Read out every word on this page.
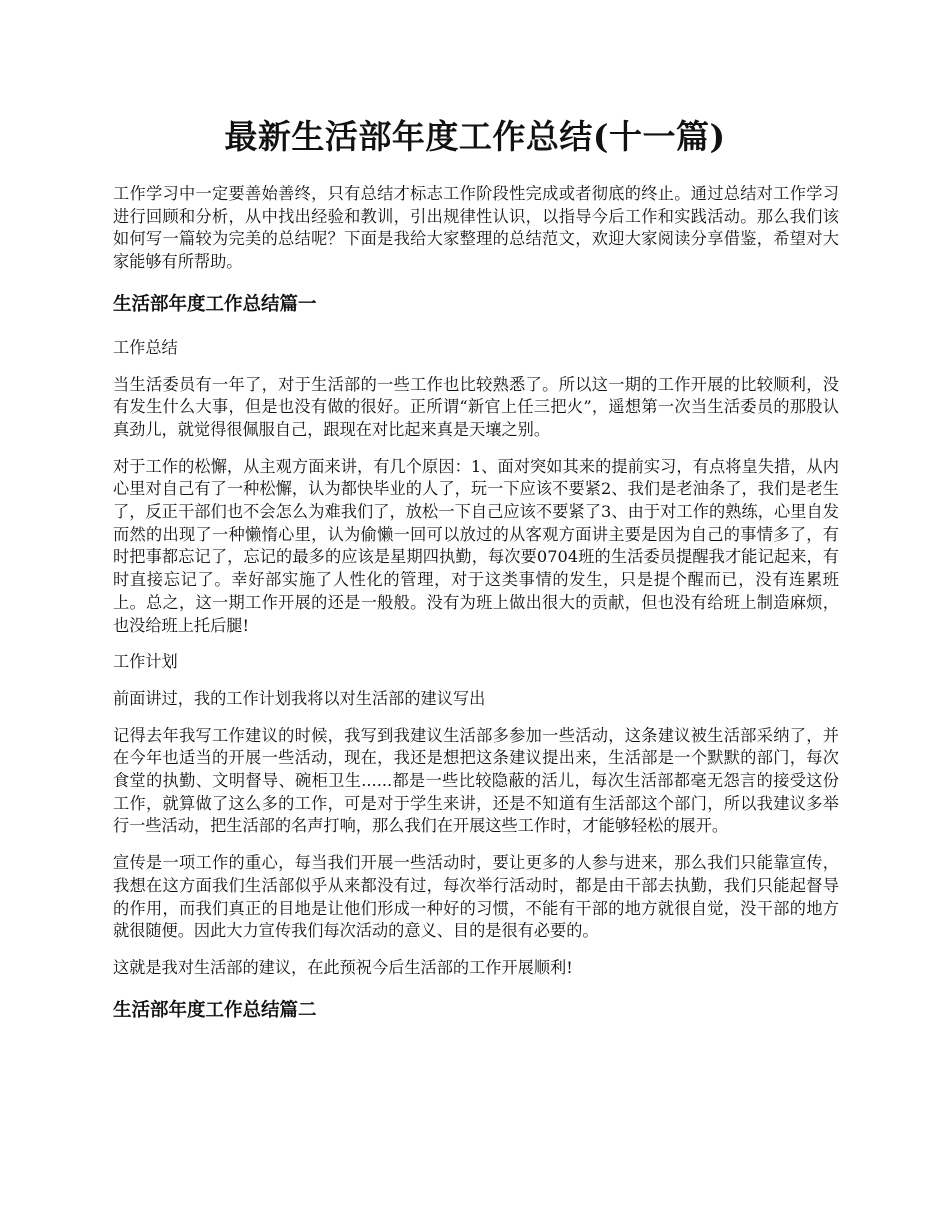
最新生活部年度工作总结(十一篇)

工作学习中一定要善始善终，只有总结才标志工作阶段性完成或者彻底的终止。通过总结对工作学习进行回顾和分析，从中找出经验和教训，引出规律性认识，以指导今后工作和实践活动。那么我们该如何写一篇较为完美的总结呢？下面是我给大家整理的总结范文，欢迎大家阅读分享借鉴，希望对大家能够有所帮助。

生活部年度工作总结篇一

工作总结

当生活委员有一年了，对于生活部的一些工作也比较熟悉了。所以这一期的工作开展的比较顺利，没有发生什么大事，但是也没有做的很好。正所谓“新官上任三把火”，遥想第一次当生活委员的那股认真劲儿，就觉得很佩服自己，跟现在对比起来真是天壤之别。

对于工作的松懈，从主观方面来讲，有几个原因：1、面对突如其来的提前实习，有点将皇失措，从内心里对自己有了一种松懈，认为都快毕业的人了，玩一下应该不要紧2、我们是老油条了，我们是老生了，反正干部们也不会怎么为难我们了，放松一下自己应该不要紧了3、由于对工作的熟练，心里自发而然的出现了一种懒惰心里，认为偷懒一回可以放过的从客观方面讲主要是因为自己的事情多了，有时把事都忘记了，忘记的最多的应该是星期四执勤，每次要0704班的生活委员提醒我才能记起来，有时直接忘记了。幸好部实施了人性化的管理，对于这类事情的发生，只是提个醒而已，没有连累班上。总之，这一期工作开展的还是一般般。没有为班上做出很大的贡献，但也没有给班上制造麻烦，也没给班上托后腿!

工作计划

前面讲过，我的工作计划我将以对生活部的建议写出

记得去年我写工作建议的时候，我写到我建议生活部多参加一些活动，这条建议被生活部采纳了，并在今年也适当的开展一些活动，现在，我还是想把这条建议提出来，生活部是一个默默的部门，每次食堂的执勤、文明督导、碗柜卫生......都是一些比较隐蔽的活儿，每次生活部都毫无怨言的接受这份工作，就算做了这么多的工作，可是对于学生来讲，还是不知道有生活部这个部门，所以我建议多举行一些活动，把生活部的名声打响，那么我们在开展这些工作时，才能够轻松的展开。

宣传是一项工作的重心，每当我们开展一些活动时，要让更多的人参与进来，那么我们只能靠宣传，我想在这方面我们生活部似乎从来都没有过，每次举行活动时，都是由干部去执勤，我们只能起督导的作用，而我们真正的目地是让他们形成一种好的习惯，不能有干部的地方就很自觉，没干部的地方就很随便。因此大力宣传我们每次活动的意义、目的是很有必要的。

这就是我对生活部的建议，在此预祝今后生活部的工作开展顺利!

生活部年度工作总结篇二
